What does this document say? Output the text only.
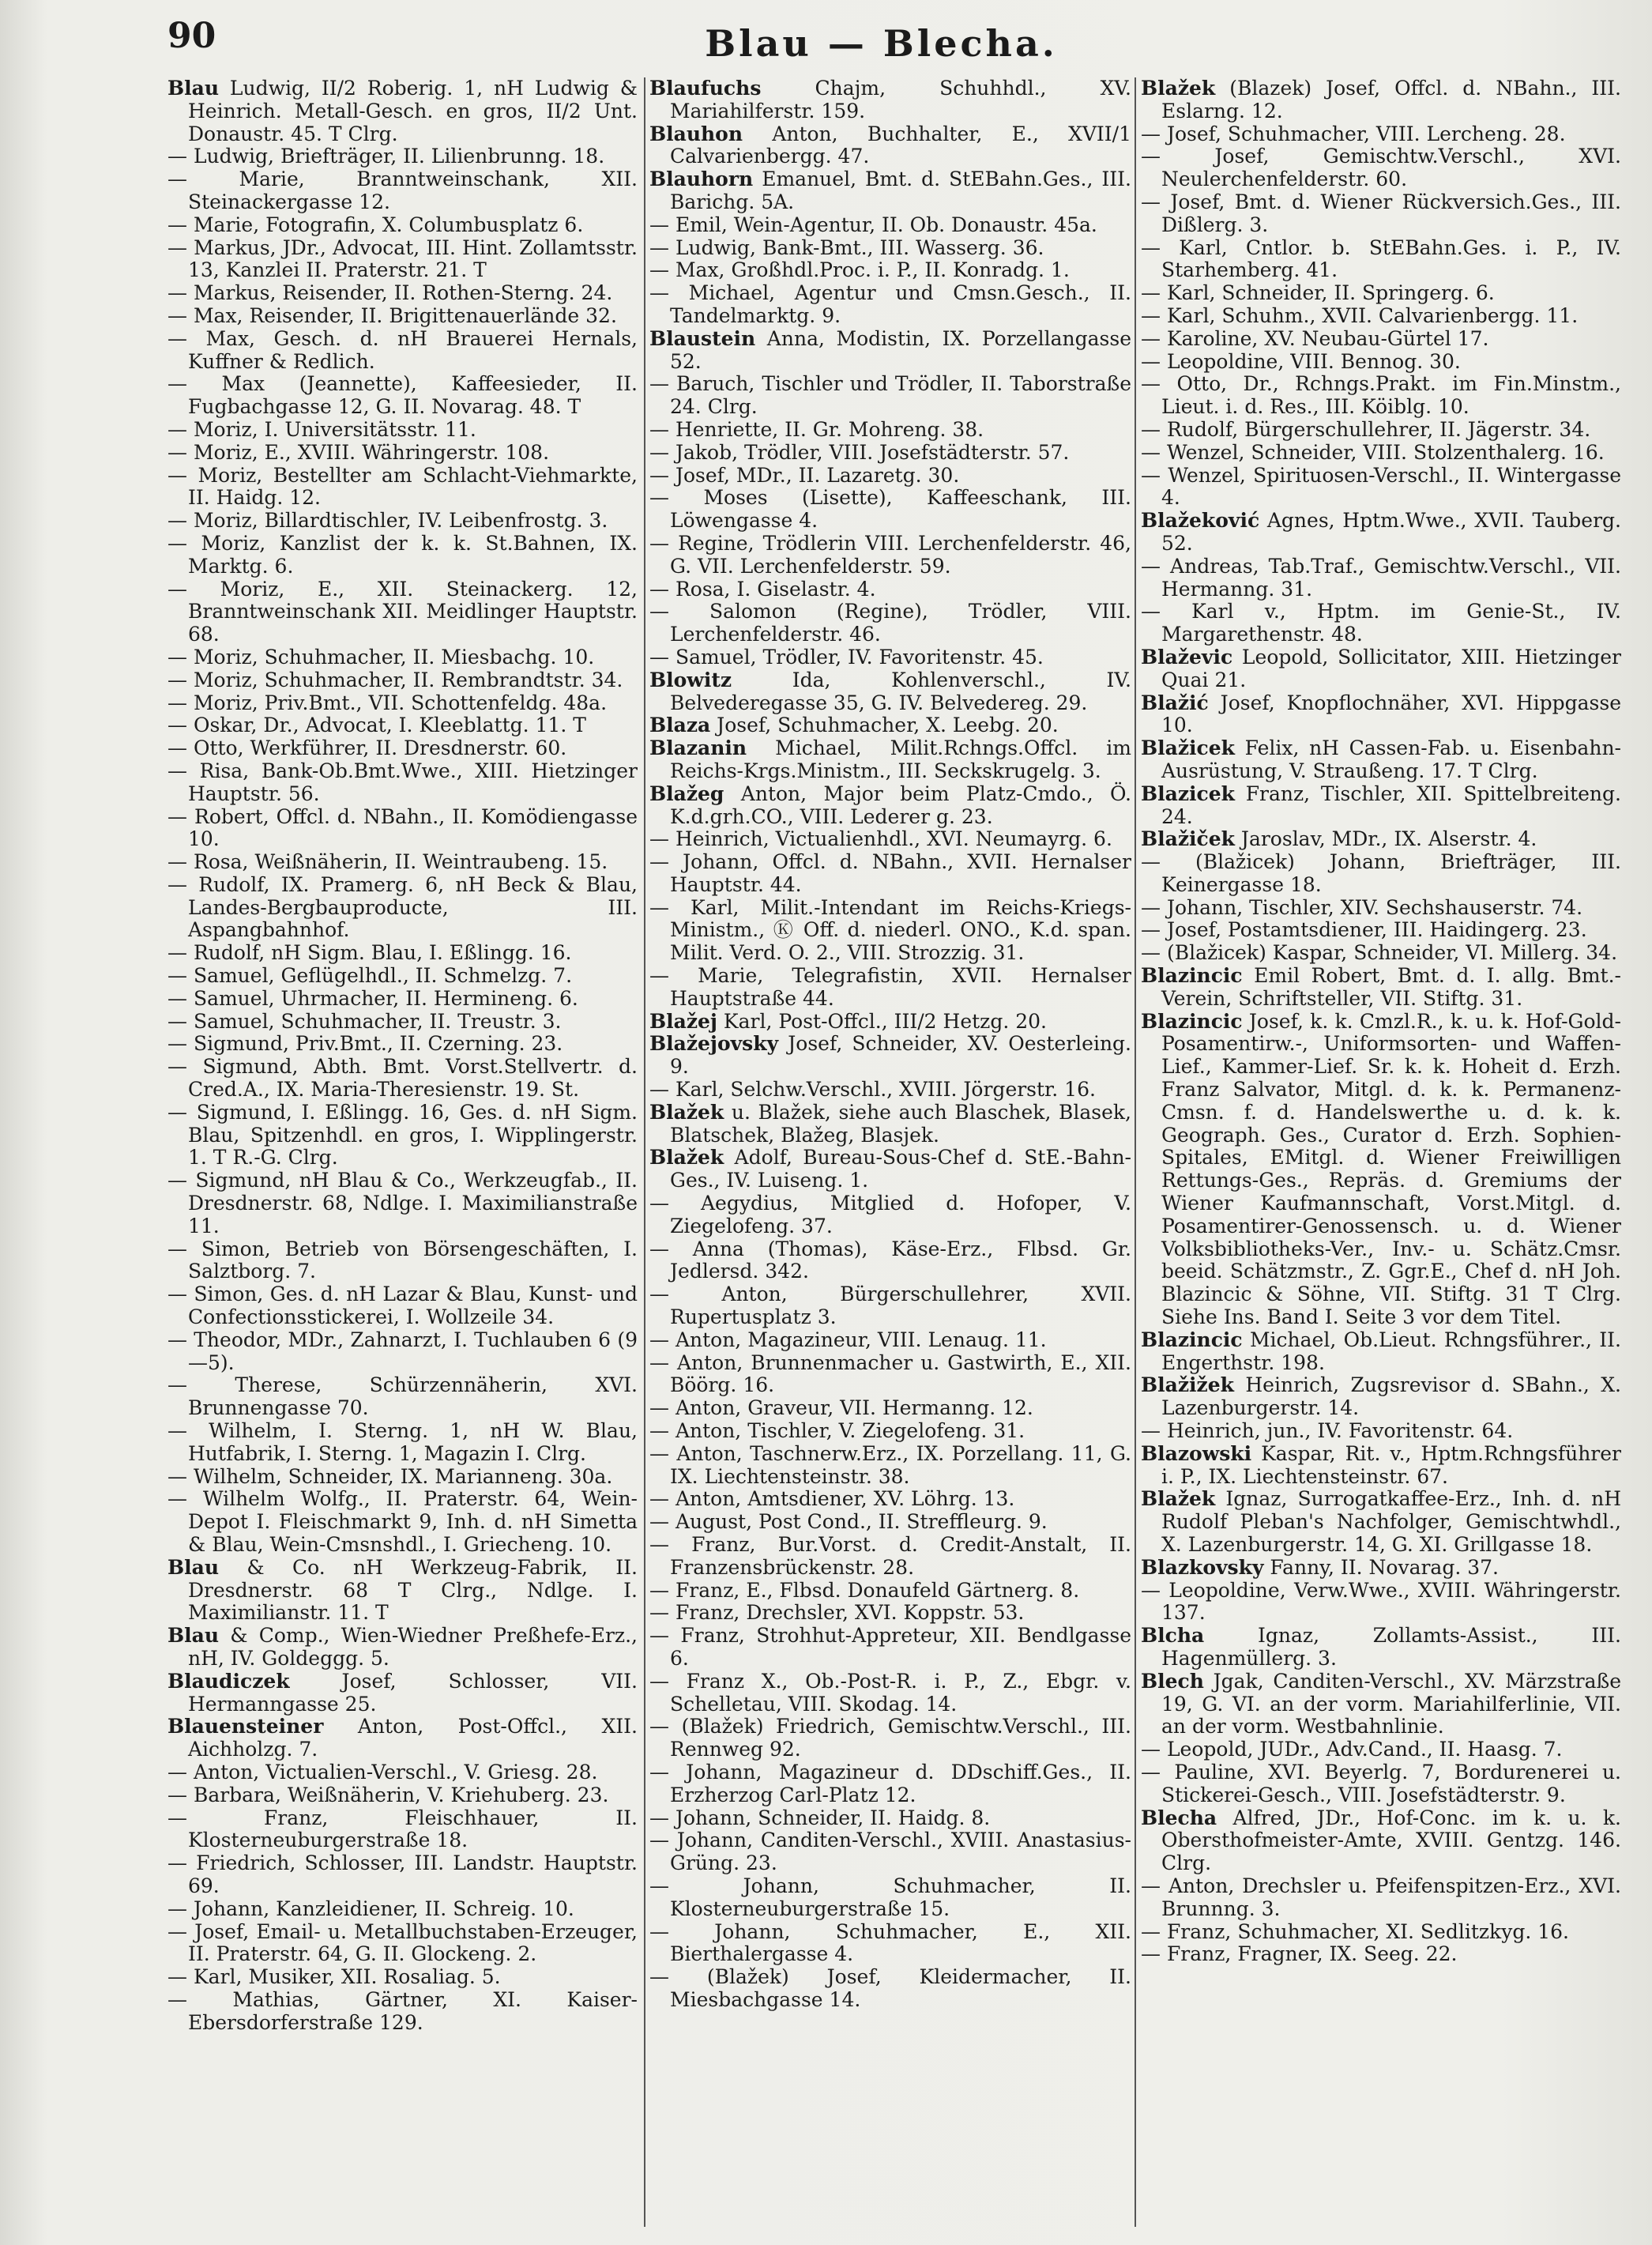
90	Blau — Blecha.

Blau Ludwig, II/2 Roberig. 1, nH Ludwig & Heinrich. Metall-Gesch. en gros, II/2 Unt. Donaustr. 45. T Clrg.

— Ludwig, Briefträger, II. Lilienbrunng. 18.

— Marie, Branntweinschank, XII. Steinackergasse 12.

— Marie, Fotografin, X. Columbusplatz 6.

— Markus, JDr., Advocat, III. Hint. Zollamtsstr. 13, Kanzlei II. Praterstr. 21. T

— Markus, Reisender, II. Rothen-Sterng. 24.

— Max, Reisender, II. Brigittenauerlände 32.

— Max, Gesch. d. nH Brauerei Hernals, Kuffner & Redlich.

— Max (Jeannette), Kaffeesieder, II. Fugbachgasse 12, G. II. Novarag. 48. T

— Moriz, I. Universitätsstr. 11.

— Moriz, E., XVIII. Währingerstr. 108.

— Moriz, Bestellter am Schlacht-Viehmarkte, II. Haidg. 12.

— Moriz, Billardtischler, IV. Leibenfrostg. 3.

— Moriz, Kanzlist der k. k. St.Bahnen, IX. Marktg. 6.

— Moriz, E., XII. Steinackerg. 12, Branntweinschank XII. Meidlinger Hauptstr. 68.

— Moriz, Schuhmacher, II. Miesbachg. 10.

— Moriz, Schuhmacher, II. Rembrandtstr. 34.

— Moriz, Priv.Bmt., VII. Schottenfeldg. 48a.

— Oskar, Dr., Advocat, I. Kleeblattg. 11. T

— Otto, Werkführer, II. Dresdnerstr. 60.

— Risa, Bank-Ob.Bmt.Wwe., XIII. Hietzinger Hauptstr. 56.

— Robert, Offcl. d. NBahn., II. Komödiengasse 10.

— Rosa, Weißnäherin, II. Weintraubeng. 15.

— Rudolf, IX. Pramerg. 6, nH Beck & Blau, Landes-Bergbauproducte, III. Aspangbahnhof.

— Rudolf, nH Sigm. Blau, I. Eßlingg. 16.

— Samuel, Geflügelhdl., II. Schmelzg. 7.

— Samuel, Uhrmacher, II. Hermineng. 6.

— Samuel, Schuhmacher, II. Treustr. 3.

— Sigmund, Priv.Bmt., II. Czerning. 23.

— Sigmund, Abth. Bmt. Vorst.Stellvertr. d. Cred.A., IX. Maria-Theresienstr. 19. St.

— Sigmund, I. Eßlingg. 16, Ges. d. nH Sigm. Blau, Spitzenhdl. en gros, I. Wipplingerstr. 1. T R.-G. Clrg.

— Sigmund, nH Blau & Co., Werkzeugfab., II. Dresdnerstr. 68, Ndlge. I. Maximilianstraße 11.

— Simon, Betrieb von Börsengeschäften, I. Salztborg. 7.

— Simon, Ges. d. nH Lazar & Blau, Kunst- und Confectionsstickerei, I. Wollzeile 34.

— Theodor, MDr., Zahnarzt, I. Tuchlauben 6 (9—5).

— Therese, Schürzennäherin, XVI. Brunnengasse 70.

— Wilhelm, I. Sterng. 1, nH W. Blau, Hutfabrik, I. Sterng. 1, Magazin I. Clrg.

— Wilhelm, Schneider, IX. Marianneng. 30a.

— Wilhelm Wolfg., II. Praterstr. 64, Wein-Depot I. Fleischmarkt 9, Inh. d. nH Simetta & Blau, Wein-Cmsnshdl., I. Griecheng. 10.

Blau & Co. nH Werkzeug-Fabrik, II. Dresdnerstr. 68 T Clrg., Ndlge. I. Maximilianstr. 11. T

Blau & Comp., Wien-Wiedner Preßhefe-Erz., nH, IV. Goldeggg. 5.

Blaudiczek Josef, Schlosser, VII. Hermanngasse 25.

Blauensteiner Anton, Post-Offcl., XII. Aichholzg. 7.

— Anton, Victualien-Verschl., V. Griesg. 28.

— Barbara, Weißnäherin, V. Kriehuberg. 23.

— Franz, Fleischhauer, II. Klosterneuburgerstraße 18.

— Friedrich, Schlosser, III. Landstr. Hauptstr. 69.

— Johann, Kanzleidiener, II. Schreig. 10.

— Josef, Email- u. Metallbuchstaben-Erzeuger, II. Praterstr. 64, G. II. Glockeng. 2.

— Karl, Musiker, XII. Rosaliag. 5.

— Mathias, Gärtner, XI. Kaiser-Ebersdorferstraße 129.

Blaufuchs Chajm, Schuhhdl., XV. Mariahilferstr. 159.

Blauhon Anton, Buchhalter, E., XVII/1 Calvarienbergg. 47.

Blauhorn Emanuel, Bmt. d. StEBahn.Ges., III. Barichg. 5A.

— Emil, Wein-Agentur, II. Ob. Donaustr. 45a.

— Ludwig, Bank-Bmt., III. Wasserg. 36.

— Max, Großhdl.Proc. i. P., II. Konradg. 1.

— Michael, Agentur und Cmsn.Gesch., II. Tandelmarktg. 9.

Blaustein Anna, Modistin, IX. Porzellangasse 52.

— Baruch, Tischler und Trödler, II. Taborstraße 24. Clrg.

— Henriette, II. Gr. Mohreng. 38.

— Jakob, Trödler, VIII. Josefstädterstr. 57.

— Josef, MDr., II. Lazaretg. 30.

— Moses (Lisette), Kaffeeschank, III. Löwengasse 4.

— Regine, Trödlerin VIII. Lerchenfelderstr. 46, G. VII. Lerchenfelderstr. 59.

— Rosa, I. Giselastr. 4.

— Salomon (Regine), Trödler, VIII. Lerchenfelderstr. 46.

— Samuel, Trödler, IV. Favoritenstr. 45.

Blowitz Ida, Kohlenverschl., IV. Belvederegasse 35, G. IV. Belvedereg. 29.

Blaza Josef, Schuhmacher, X. Leebg. 20.

Blazanin Michael, Milit.Rchngs.Offcl. im Reichs-Krgs.Ministm., III. Seckskrugelg. 3.

Blažeg Anton, Major beim Platz-Cmdo., Ö. K.d.grh.CO., VIII. Lederer g. 23.

— Heinrich, Victualienhdl., XVI. Neumayrg. 6.

— Johann, Offcl. d. NBahn., XVII. Hernalser Hauptstr. 44.

— Karl, Milit.-Intendant im Reichs-Kriegs-Ministm., Ⓚ Off. d. niederl. ONO., K.d. span. Milit. Verd. O. 2., VIII. Strozzig. 31.

— Marie, Telegrafistin, XVII. Hernalser Hauptstraße 44.

Blažej Karl, Post-Offcl., III/2 Hetzg. 20.

Blažejovsky Josef, Schneider, XV. Oesterleing. 9.

— Karl, Selchw.Verschl., XVIII. Jörgerstr. 16.

Blažek u. Blažek, siehe auch Blaschek, Blasek, Blatschek, Blažeg, Blasjek.

Blažek Adolf, Bureau-Sous-Chef d. StE.-Bahn-Ges., IV. Luiseng. 1.

— Aegydius, Mitglied d. Hofoper, V. Ziegelofeng. 37.

— Anna (Thomas), Käse-Erz., Flbsd. Gr. Jedlersd. 342.

— Anton, Bürgerschullehrer, XVII. Rupertusplatz 3.

— Anton, Magazineur, VIII. Lenaug. 11.

— Anton, Brunnenmacher u. Gastwirth, E., XII. Böörg. 16.

— Anton, Graveur, VII. Hermanng. 12.

— Anton, Tischler, V. Ziegelofeng. 31.

— Anton, Taschnerw.Erz., IX. Porzellang. 11, G. IX. Liechtensteinstr. 38.

— Anton, Amtsdiener, XV. Löhrg. 13.

— August, Post Cond., II. Streffleurg. 9.

— Franz, Bur.Vorst. d. Credit-Anstalt, II. Franzensbrückenstr. 28.

— Franz, E., Flbsd. Donaufeld Gärtnerg. 8.

— Franz, Drechsler, XVI. Koppstr. 53.

— Franz, Strohhut-Appreteur, XII. Bendlgasse 6.

— Franz X., Ob.-Post-R. i. P., Z., Ebgr. v. Schelletau, VIII. Skodag. 14.

— (Blažek) Friedrich, Gemischtw.Verschl., III. Rennweg 92.

— Johann, Magazineur d. DDschiff.Ges., II. Erzherzog Carl-Platz 12.

— Johann, Schneider, II. Haidg. 8.

— Johann, Canditen-Verschl., XVIII. Anastasius-Grüng. 23.

— Johann, Schuhmacher, II. Klosterneuburgerstraße 15.

— Johann, Schuhmacher, E., XII. Bierthalergasse 4.

— (Blažek) Josef, Kleidermacher, II. Miesbachgasse 14.

Blažek (Blazek) Josef, Offcl. d. NBahn., III. Eslarng. 12.

— Josef, Schuhmacher, VIII. Lercheng. 28.

— Josef, Gemischtw.Verschl., XVI. Neulerchenfelderstr. 60.

— Josef, Bmt. d. Wiener Rückversich.Ges., III. Dißlerg. 3.

— Karl, Cntlor. b. StEBahn.Ges. i. P., IV. Starhemberg. 41.

— Karl, Schneider, II. Springerg. 6.

— Karl, Schuhm., XVII. Calvarienbergg. 11.

— Karoline, XV. Neubau-Gürtel 17.

— Leopoldine, VIII. Bennog. 30.

— Otto, Dr., Rchngs.Prakt. im Fin.Minstm., Lieut. i. d. Res., III. Köiblg. 10.

— Rudolf, Bürgerschullehrer, II. Jägerstr. 34.

— Wenzel, Schneider, VIII. Stolzenthalerg. 16.

— Wenzel, Spirituosen-Verschl., II. Wintergasse 4.

Blažeković Agnes, Hptm.Wwe., XVII. Tauberg. 52.

— Andreas, Tab.Traf., Gemischtw.Verschl., VII. Hermanng. 31.

— Karl v., Hptm. im Genie-St., IV. Margarethenstr. 48.

Blaževic Leopold, Sollicitator, XIII. Hietzinger Quai 21.

Blažić Josef, Knopflochnäher, XVI. Hippgasse 10.

Blažicek Felix, nH Cassen-Fab. u. Eisenbahn-Ausrüstung, V. Straußeng. 17. T Clrg.

Blazicek Franz, Tischler, XII. Spittelbreiteng. 24.

Blažiček Jaroslav, MDr., IX. Alserstr. 4.

— (Blažicek) Johann, Briefträger, III. Keinergasse 18.

— Johann, Tischler, XIV. Sechshauserstr. 74.

— Josef, Postamtsdiener, III. Haidingerg. 23.

— (Blažicek) Kaspar, Schneider, VI. Millerg. 34.

Blazincic Emil Robert, Bmt. d. I. allg. Bmt.-Verein, Schriftsteller, VII. Stiftg. 31.

Blazincic Josef, k. k. Cmzl.R., k. u. k. Hof-Gold-Posamentirw.-, Uniformsorten- und Waffen-Lief., Kammer-Lief. Sr. k. k. Hoheit d. Erzh. Franz Salvator, Mitgl. d. k. k. Permanenz-Cmsn. f. d. Handelswerthe u. d. k. k. Geograph. Ges., Curator d. Erzh. Sophien-Spitales, EMitgl. d. Wiener Freiwilligen Rettungs-Ges., Repräs. d. Gremiums der Wiener Kaufmannschaft, Vorst.Mitgl. d. Posamentirer-Genossensch. u. d. Wiener Volksbibliotheks-Ver., Inv.- u. Schätz.Cmsr. beeid. Schätzmstr., Z. Ggr.E., Chef d. nH Joh. Blazincic & Söhne, VII. Stiftg. 31 T Clrg. Siehe Ins. Band I. Seite 3 vor dem Titel.

Blazincic Michael, Ob.Lieut. Rchngsführer., II. Engerthstr. 198.

Blažižek Heinrich, Zugsrevisor d. SBahn., X. Lazenburgerstr. 14.

— Heinrich, jun., IV. Favoritenstr. 64.

Blazowski Kaspar, Rit. v., Hptm.Rchngsführer i. P., IX. Liechtensteinstr. 67.

Blažek Ignaz, Surrogatkaffee-Erz., Inh. d. nH Rudolf Pleban's Nachfolger, Gemischtwhdl., X. Lazenburgerstr. 14, G. XI. Grillgasse 18.

Blazkovsky Fanny, II. Novarag. 37.

— Leopoldine, Verw.Wwe., XVIII. Währingerstr. 137.

Blcha Ignaz, Zollamts-Assist., III. Hagenmüllerg. 3.

Blech Jgak, Canditen-Verschl., XV. Märzstraße 19, G. VI. an der vorm. Mariahilferlinie, VII. an der vorm. Westbahnlinie.

— Leopold, JUDr., Adv.Cand., II. Haasg. 7.

— Pauline, XVI. Beyerlg. 7, Bordurenerei u. Stickerei-Gesch., VIII. Josefstädterstr. 9.

Blecha Alfred, JDr., Hof-Conc. im k. u. k. Obersthofmeister-Amte, XVIII. Gentzg. 146. Clrg.

— Anton, Drechsler u. Pfeifenspitzen-Erz., XVI. Brunnng. 3.

— Franz, Schuhmacher, XI. Sedlitzkyg. 16.

— Franz, Fragner, IX. Seeg. 22.
